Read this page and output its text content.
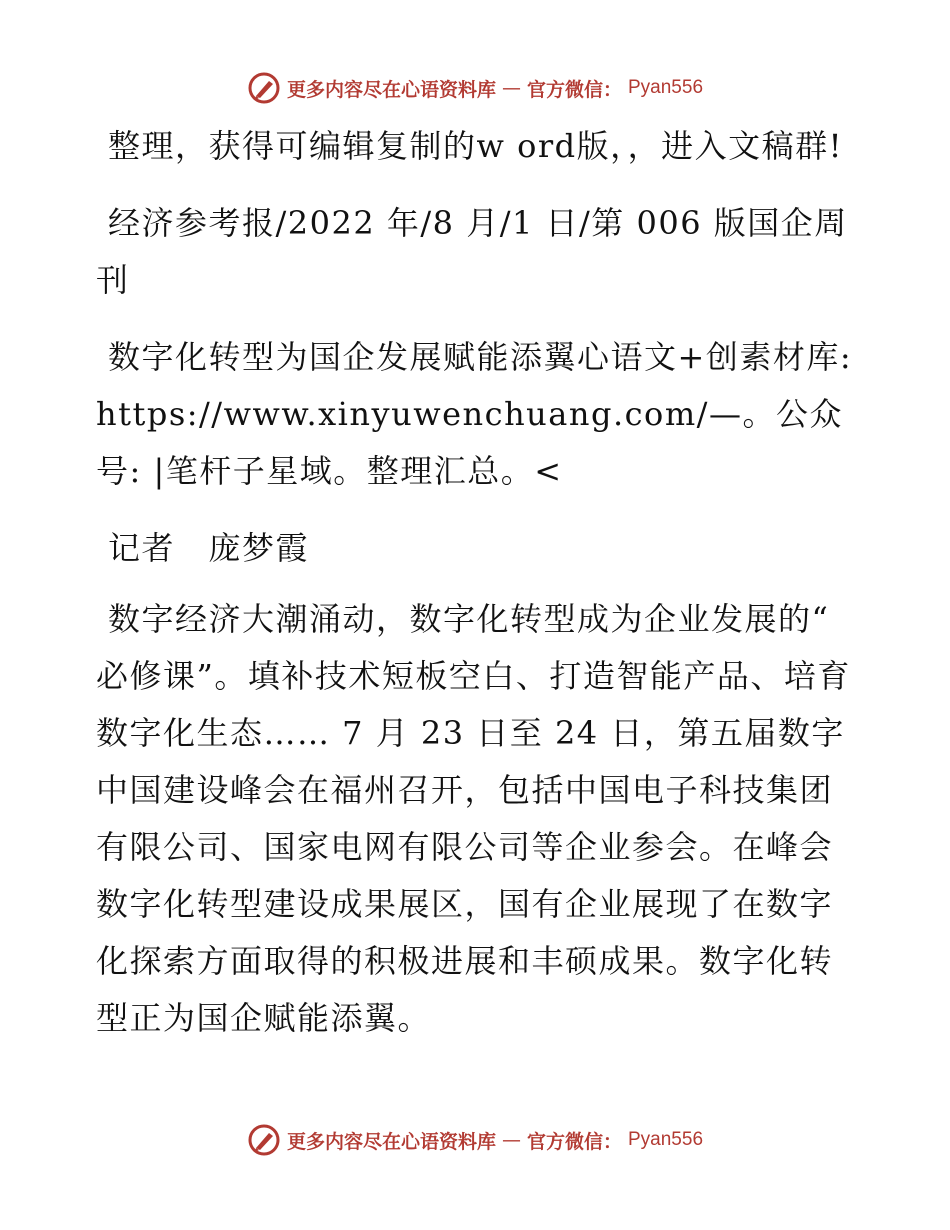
更多内容尽在心语资料库 — 官方微信： Pyan556

整理，获得可编辑复制的w ord版，，进入文稿群!

经济参考报/2022 年/8 月/1 日/第 006 版国企周刊

数字化转型为国企发展赋能添翼心语文+创素材库: https://www.xinyuwenchuang.com/—。公众号: |笔杆子星域。整理汇总。<

记者　庞梦霞

数字经济大潮涌动，数字化转型成为企业发展的“ 必修课”。填补技术短板空白、打造智能产品、培育数字化生态…… 7 月 23 日至 24 日，第五届数字中国建设峰会在福州召开，包括中国电子科技集团有限公司、国家电网有限公司等企业参会。在峰会数字化转型建设成果展区，国有企业展现了在数字化探索方面取得的积极进展和丰硕成果。数字化转型正为国企赋能添翼。

更多内容尽在心语资料库 — 官方微信： Pyan556
